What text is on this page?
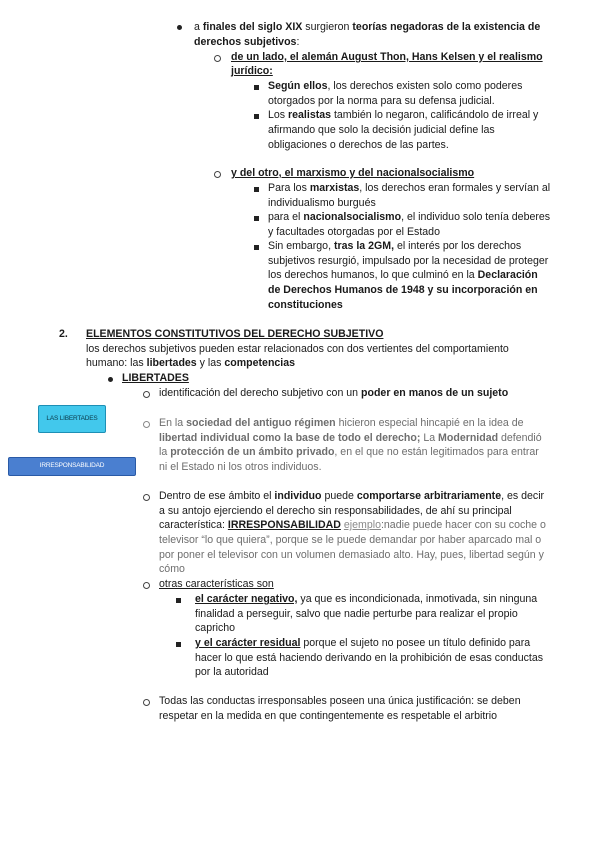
a finales del siglo XIX surgieron teorías negadoras de la existencia de
derechos subjetivos:
de un lado, el alemán August Thon, Hans Kelsen y el realismo
jurídico:
Según ellos, los derechos existen solo como poderes
otorgados por la norma para su defensa judicial.
Los realistas también lo negaron, calificándolo de irreal y
afirmando que solo la decisión judicial define las
obligaciones o derechos de las partes.
y del otro, el marxismo y del nacionalsocialismo
Para los marxistas, los derechos eran formales y servían al
individualismo burgués
para el nacionalsocialismo, el individuo solo tenía deberes
y facultades otorgadas por el Estado
Sin embargo, tras la 2GM, el interés por los derechos
subjetivos resurgió, impulsado por la necesidad de proteger
los derechos humanos, lo que culminó en la Declaración
de Derechos Humanos de 1948 y su incorporación en
constituciones
2. ELEMENTOS CONSTITUTIVOS DEL DERECHO SUBJETIVO
los derechos subjetivos pueden estar relacionados con dos vertientes del comportamiento
humano: las libertades y las competencias
LIBERTADES
identificación del derecho subjetivo con un poder en manos de un sujeto
LAS LIBERTADES
IRRESPONSABILIDAD
En la sociedad del antiguo régimen hicieron especial hincapié en la idea de
libertad individual como la base de todo el derecho; La Modernidad defendió
la protección de un ámbito privado, en el que no están legitimados para entrar
ni el Estado ni los otros individuos.
Dentro de ese ámbito el individuo puede comportarse arbitrariamente, es decir
a su antojo ejerciendo el derecho sin responsabilidades, de ahí su principal
característica: IRRESPONSABILIDAD ejemplo:nadie puede hacer con su coche o
televisor “lo que quiera”, porque se le puede demandar por haber aparcado mal o
por poner el televisor con un volumen demasiado alto. Hay, pues, libertad según y
cómo
otras características son
el carácter negativo, ya que es incondicionada, inmotivada, sin ninguna
finalidad a perseguir, salvo que nadie perturbe para realizar el propio
capricho
y el carácter residual porque el sujeto no posee un título definido para
hacer lo que está haciendo derivando en la prohibición de esas conductas
por la autoridad
Todas las conductas irresponsables poseen una única justificación: se deben
respetar en la medida en que contingentemente es respetable el arbitrio
